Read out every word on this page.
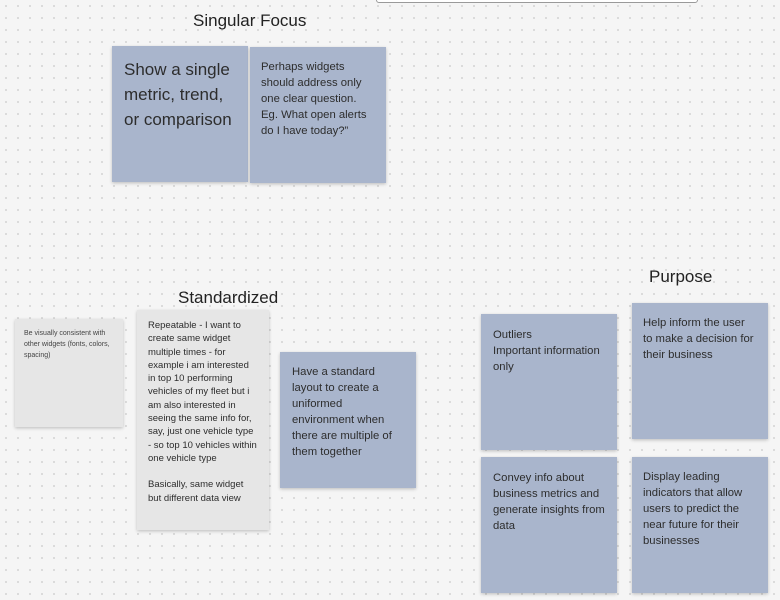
Singular Focus
Standardized
Purpose
Show a single metric, trend, or comparison
Perhaps widgets should address only one clear question. Eg. What open alerts do I have today?”
Be visually consistent with other widgets (fonts, colors, spacing)
Repeatable - I want to create same widget multiple times - for example i am interested in top 10 performing vehicles of my fleet but i am also interested in seeing the same info for, say, just one vehicle type - so top 10 vehicles within one vehicle type
Basically, same widget but different data view
Have a standard layout to create a uniformed environment when there are multiple of them together
Outliers
Important information only
Help inform the user to make a decision for their business
Convey info about business metrics and generate insights from data
Display leading indicators that allow users to predict the near future for their businesses
